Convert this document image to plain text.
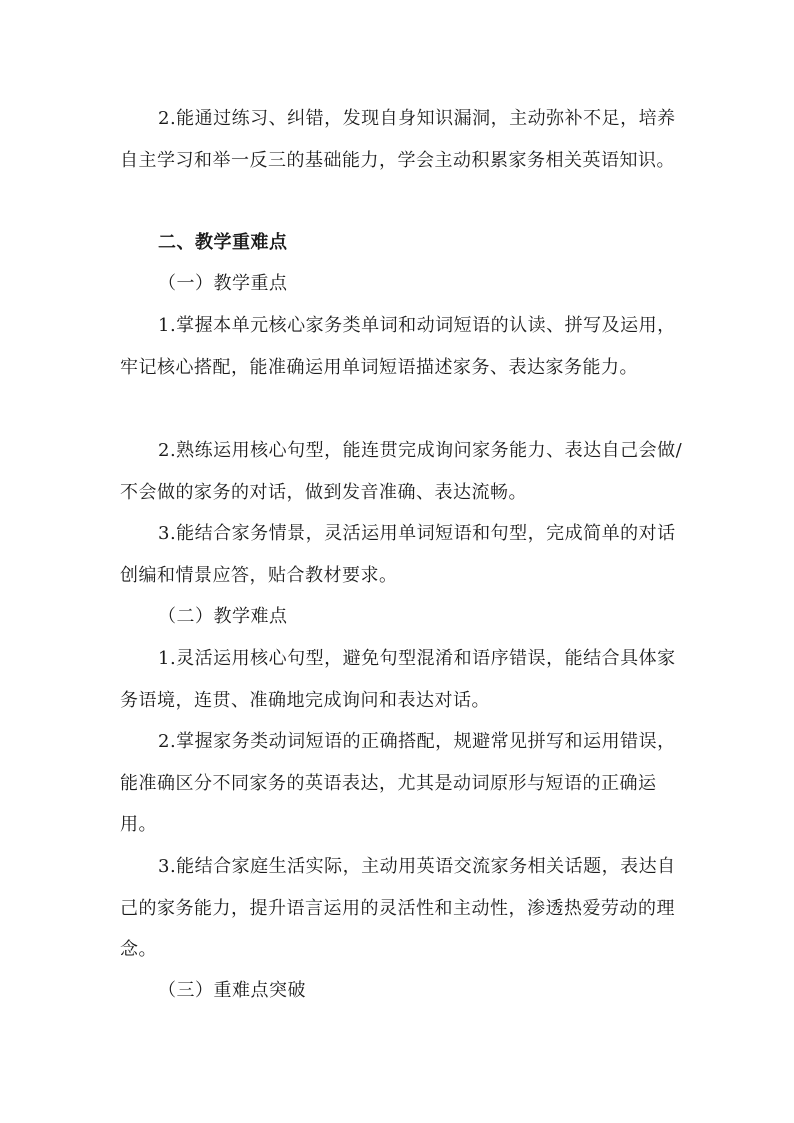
2.能通过练习、纠错，发现自身知识漏洞，主动弥补不足，培养自主学习和举一反三的基础能力，学会主动积累家务相关英语知识。

二、教学重难点

（一）教学重点

1.掌握本单元核心家务类单词和动词短语的认读、拼写及运用，牢记核心搭配，能准确运用单词短语描述家务、表达家务能力。

2.熟练运用核心句型，能连贯完成询问家务能力、表达自己会做/不会做的家务的对话，做到发音准确、表达流畅。

3.能结合家务情景，灵活运用单词短语和句型，完成简单的对话创编和情景应答，贴合教材要求。

（二）教学难点

1.灵活运用核心句型，避免句型混淆和语序错误，能结合具体家务语境，连贯、准确地完成询问和表达对话。

2.掌握家务类动词短语的正确搭配，规避常见拼写和运用错误，能准确区分不同家务的英语表达，尤其是动词原形与短语的正确运用。

3.能结合家庭生活实际，主动用英语交流家务相关话题，表达自己的家务能力，提升语言运用的灵活性和主动性，渗透热爱劳动的理念。

（三）重难点突破
